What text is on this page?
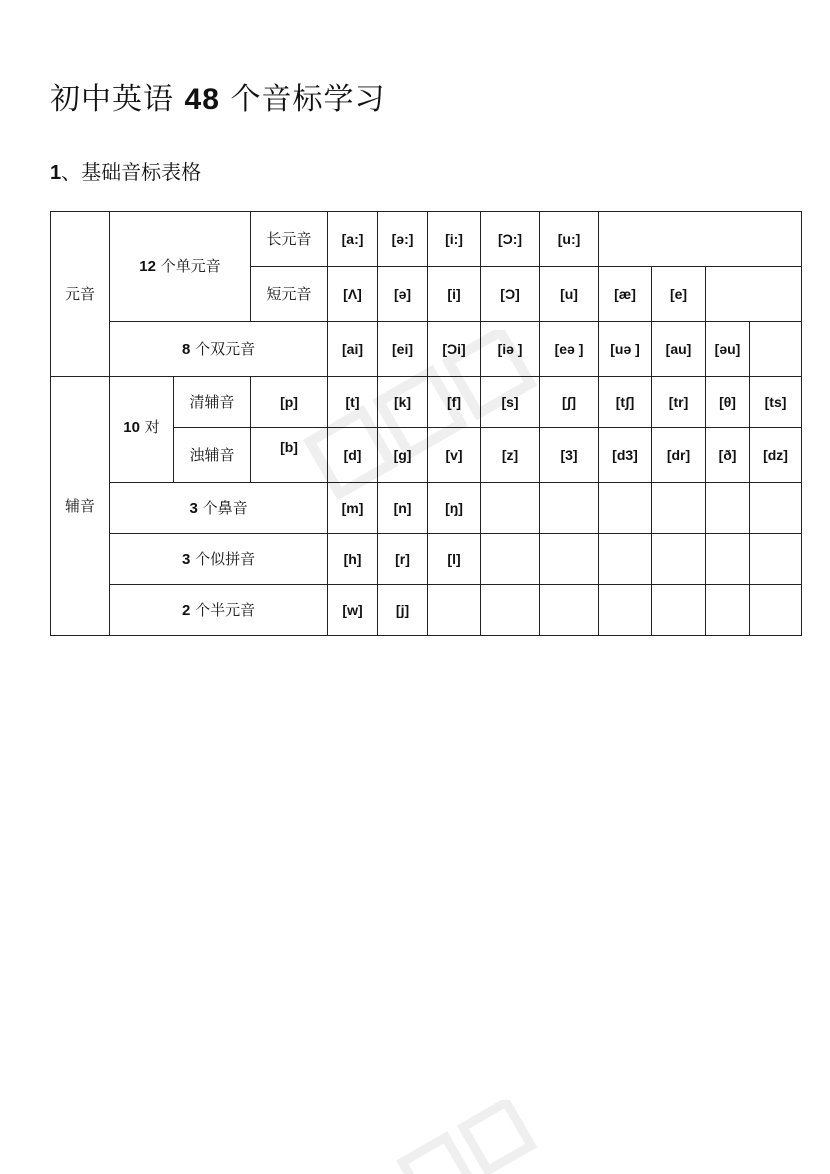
初中英语 48 个音标学习
1、基础音标表格
元音	12 个单元音		长元音	[a:]	[ə:]	[i:]	[Ɔ:]	[u:]				
			短元音	[Λ]	[ə]	[i]	[Ɔ]	[u]	[æ]	[e]		
	8 个双元音			[ai]	[ei]	[Ɔi]	[iə ]	[eə ]	[uə ]	[au]	[əu]	
辅音	10 对	清辅音	[p]	[t]	[k]	[f]	[s]	[ʃ]	[tʃ]	[tr]	[θ]	[ts]
		浊辅音	[b]	[d]	[g]	[v]	[z]	[3]	[d3]	[dr]	[ð]	[dz]
	3 个鼻音			[m]	[n]	[ŋ]						
	3 个似拼音			[h]	[r]	[l]						
	2 个半元音			[w]	[j]							
